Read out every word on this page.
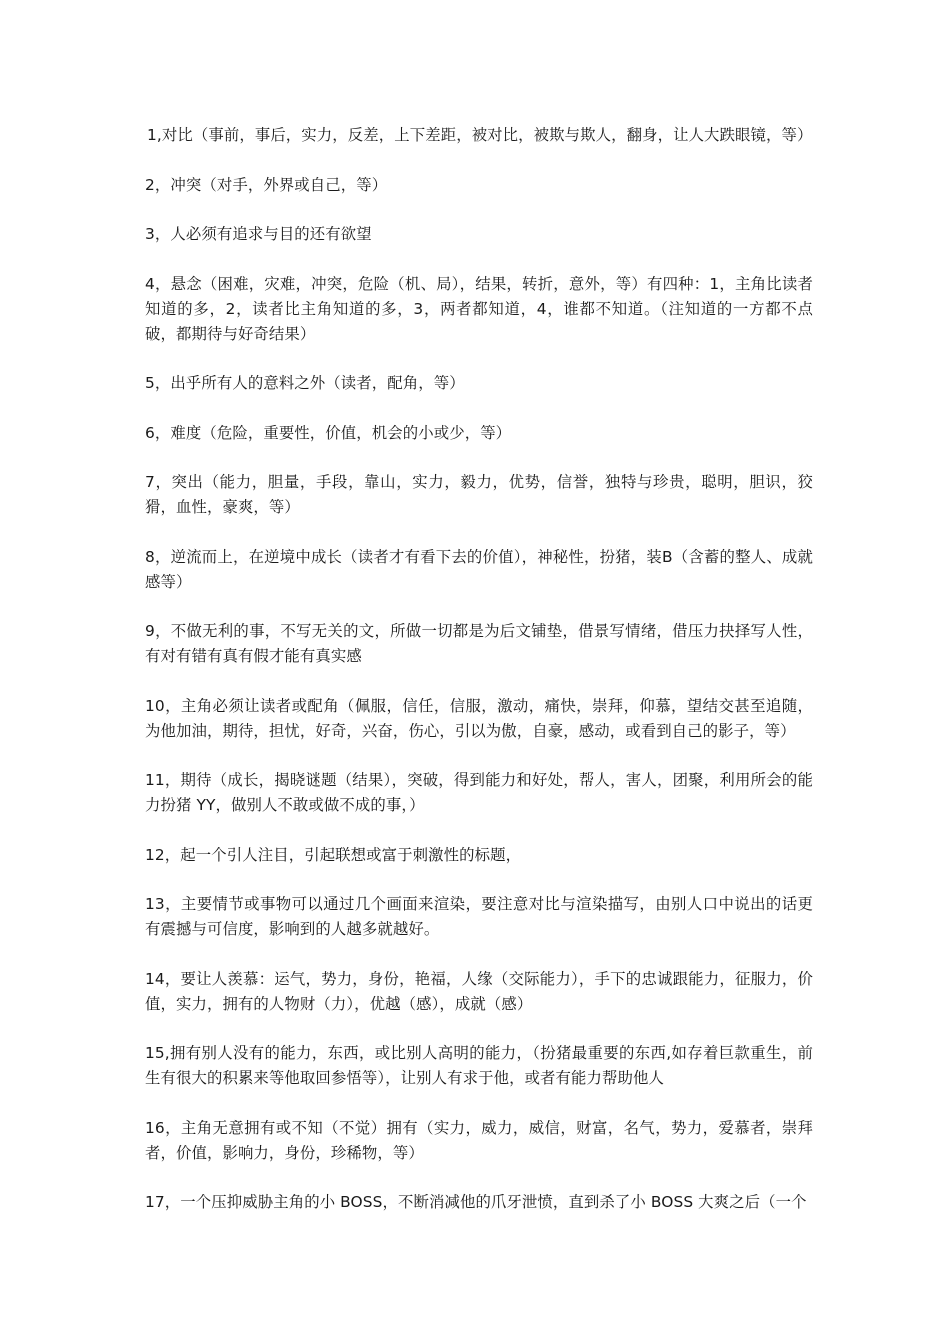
1,对比（事前，事后，实力，反差，上下差距，被对比，被欺与欺人，翻身，让人大跌眼镜，等）

2，冲突（对手，外界或自己，等）

3，人必须有追求与目的还有欲望

4，悬念（困难，灾难，冲突，危险（机、局），结果，转折，意外，等）有四种：1，主角比读者知道的多，2，读者比主角知道的多，3，两者都知道，4，谁都不知道。（注知道的一方都不点破，都期待与好奇结果）

5，出乎所有人的意料之外（读者，配角，等）

6，难度（危险，重要性，价值，机会的小或少，等）

7，突出（能力，胆量，手段，靠山，实力，毅力，优势，信誉，独特与珍贵，聪明，胆识，狡猾，血性，豪爽，等）

8，逆流而上，在逆境中成长（读者才有看下去的价值），神秘性，扮猪，装B（含蓄的整人、成就感等）

9，不做无利的事，不写无关的文，所做一切都是为后文铺垫，借景写情绪，借压力抉择写人性，有对有错有真有假才能有真实感

10，主角必须让读者或配角（佩服，信任，信服，激动，痛快，崇拜，仰慕，望结交甚至追随，为他加油，期待，担忧，好奇，兴奋，伤心，引以为傲，自豪，感动，或看到自己的影子，等）

11，期待（成长，揭晓谜题（结果），突破，得到能力和好处，帮人，害人，团聚，利用所会的能力扮猪 YY，做别人不敢或做不成的事，）

12，起一个引人注目，引起联想或富于刺激性的标题，

13，主要情节或事物可以通过几个画面来渲染，要注意对比与渲染描写，由别人口中说出的话更有震撼与可信度，影响到的人越多就越好。

14，要让人羡慕：运气，势力，身份，艳福，人缘（交际能力），手下的忠诚跟能力，征服力，价值，实力，拥有的人物财（力），优越（感），成就（感）

15,拥有别人没有的能力，东西，或比别人高明的能力，（扮猪最重要的东西,如存着巨款重生，前生有很大的积累来等他取回参悟等），让别人有求于他，或者有能力帮助他人

16，主角无意拥有或不知（不觉）拥有（实力，威力，威信，财富，名气，势力，爱慕者，崇拜者，价值，影响力，身份，珍稀物，等）

17，一个压抑威胁主角的小 BOSS，不断消减他的爪牙泄愤，直到杀了小 BOSS 大爽之后（一个
